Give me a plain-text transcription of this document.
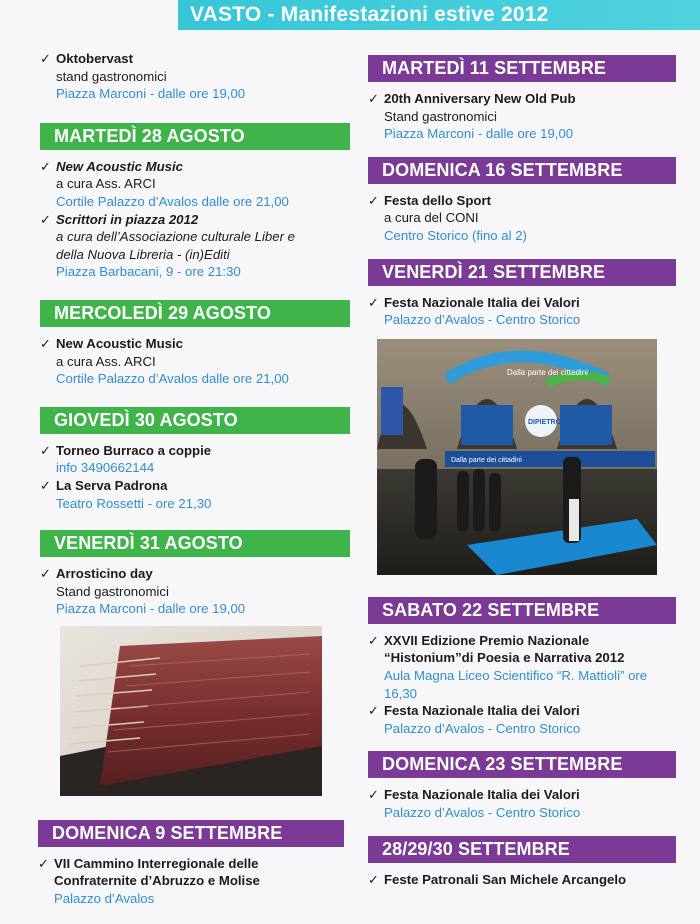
VASTO - Manifestazioni estive 2012
✓ Oktobervast
stand gastronomici
Piazza Marconi - dalle ore 19,00
MARTEDÌ 28 AGOSTO
✓ New Acoustic Music
a cura Ass. ARCI
Cortile Palazzo d’Avalos dalle ore 21,00
✓ Scrittori in piazza 2012
a cura dell’Associazione culturale Liber e
della Nuova Libreria - (in)Editi
Piazza Barbacani, 9 - ore 21:30
MERCOLEDÌ 29 AGOSTO
✓ New Acoustic Music
a cura Ass. ARCI
Cortile Palazzo d’Avalos dalle ore 21,00
GIOVEDÌ 30 AGOSTO
✓ Torneo Burraco a coppie
info 3490662144
✓ La Serva Padrona
Teatro Rossetti - ore 21,30
VENERDÌ 31 AGOSTO
✓ Arrosticino day
Stand gastronomici
Piazza Marconi - dalle ore 19,00
DOMENICA 9 SETTEMBRE
✓ VII Cammino Interregionale delle Confraternite d’Abruzzo e Molise
Palazzo d’Avalos
MARTEDÌ 11 SETTEMBRE
✓ 20th Anniversary New Old Pub
Stand gastronomici
Piazza Marconi - dalle ore 19,00
DOMENICA 16 SETTEMBRE
✓ Festa dello Sport
a cura del CONI
Centro Storico (fino al 2)
VENERDÌ 21 SETTEMBRE
✓ Festa Nazionale Italia dei Valori
Palazzo d’Avalos - Centro Storico
Dalla parte dei cittadini
DIPIETRO
Dalla parte dei cittadini
SABATO 22 SETTEMBRE
✓ XXVII Edizione Premio Nazionale “Histonium”di Poesia e Narrativa 2012
Aula Magna Liceo Scientifico “R. Mattioli” ore 16,30
✓ Festa Nazionale Italia dei Valori
Palazzo d’Avalos - Centro Storico
DOMENICA 23 SETTEMBRE
✓ Festa Nazionale Italia dei Valori
Palazzo d’Avalos - Centro Storico
28/29/30 SETTEMBRE
✓ Feste Patronali San Michele Arcangelo
